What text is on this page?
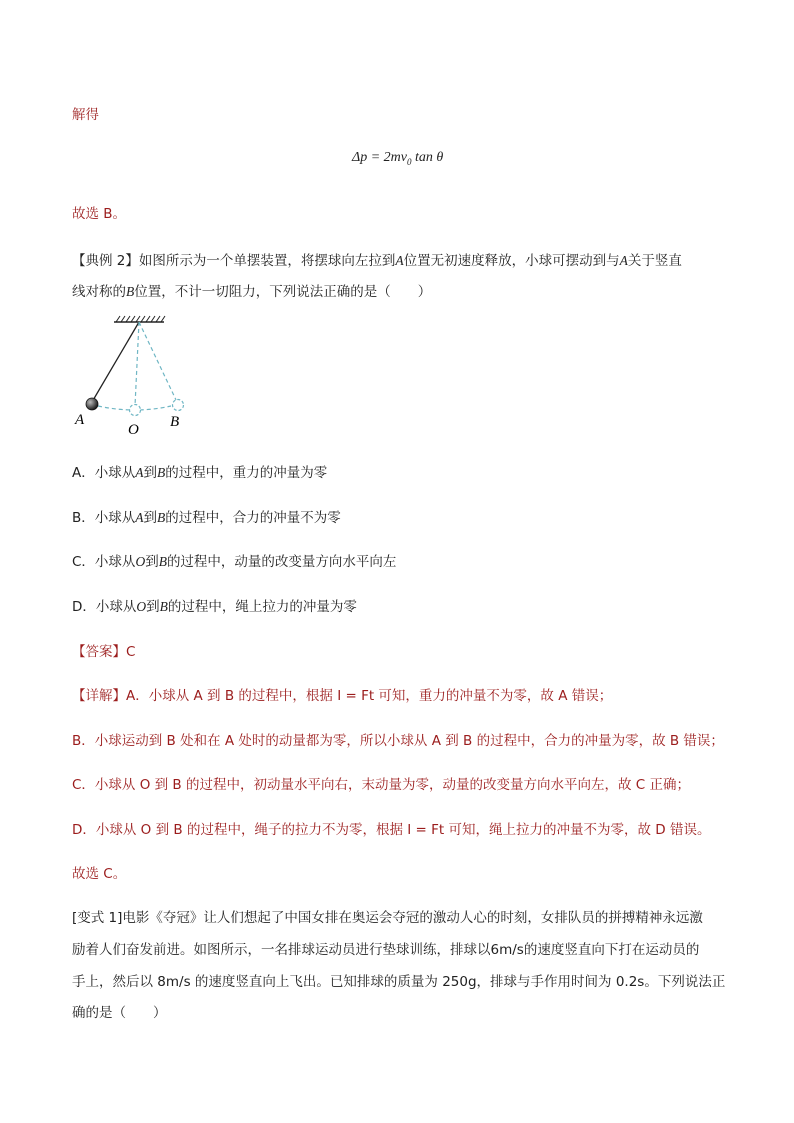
解得
$\Delta p = 2mv_0$ tan θ
故选 B。
【典例 2】如图所示为一个单摆装置，将摆球向左拉到A位置无初速度释放，小球可摆动到与A关于竖直
线对称的B位置，不计一切阻力，下列说法正确的是（　　）
A
O B
A．小球从A到B的过程中，重力的冲量为零
B．小球从A到B的过程中，合力的冲量不为零
C．小球从O到B的过程中，动量的改变量方向水平向左
D．小球从O到B的过程中，绳上拉力的冲量为零
【答案】C
【详解】A．小球从 A 到 B 的过程中，根据 I = Ft 可知，重力的冲量不为零，故 A 错误；
B．小球运动到 B 处和在 A 处时的动量都为零，所以小球从 A 到 B 的过程中，合力的冲量为零，故 B 错误；
C．小球从 O 到 B 的过程中，初动量水平向右，末动量为零，动量的改变量方向水平向左，故 C 正确；
D．小球从 O 到 B 的过程中，绳子的拉力不为零，根据 I = Ft 可知，绳上拉力的冲量不为零，故 D 错误。
故选 C。
[变式 1]电影《夺冠》让人们想起了中国女排在奥运会夺冠的激动人心的时刻，女排队员的拼搏精神永远激
励着人们奋发前进。如图所示，一名排球运动员进行垫球训练，排球以6m/s的速度竖直向下打在运动员的
手上，然后以 8m/s 的速度竖直向上飞出。已知排球的质量为 250g，排球与手作用时间为 0.2s。下列说法正
确的是（　　）
